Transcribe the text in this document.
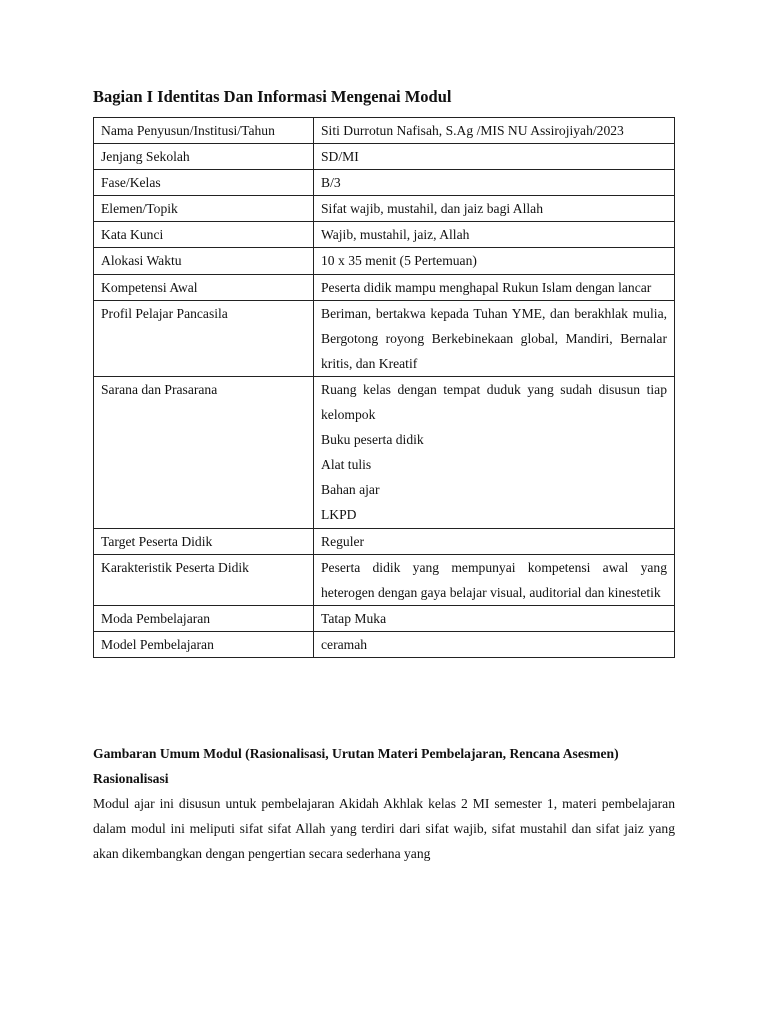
Bagian I Identitas Dan Informasi Mengenai Modul
Nama Penyusun/Institusi/Tahun	Siti Durrotun Nafisah, S.Ag /MIS NU Assirojiyah/2023

Jenjang Sekolah	SD/MI

Fase/Kelas	B/3

Elemen/Topik	Sifat wajib, mustahil, dan jaiz bagi Allah

Kata Kunci	Wajib, mustahil, jaiz, Allah

Alokasi Waktu	10 x 35 menit (5 Pertemuan)

Kompetensi Awal	Peserta didik mampu menghapal Rukun Islam dengan lancar

Profil Pelajar Pancasila	Beriman, bertakwa kepada Tuhan YME, dan berakhlak mulia, Bergotong royong Berkebinekaan global, Mandiri, Bernalar kritis, dan Kreatif

Sarana dan Prasarana	Ruang kelas dengan tempat duduk yang sudah disusun tiap kelompok
Buku peserta didik
Alat tulis
Bahan ajar
LKPD

Target Peserta Didik	Reguler

Karakteristik Peserta Didik	Peserta didik yang mempunyai kompetensi awal yang heterogen dengan gaya belajar visual, auditorial dan kinestetik

Moda Pembelajaran	Tatap Muka

Model Pembelajaran	ceramah

Gambaran Umum Modul (Rasionalisasi, Urutan Materi Pembelajaran, Rencana Asesmen)

Rasionalisasi

Modul ajar ini disusun untuk pembelajaran Akidah Akhlak kelas 2 MI semester 1, materi pembelajaran dalam modul ini meliputi sifat sifat Allah yang terdiri dari sifat wajib, sifat mustahil dan sifat jaiz yang akan dikembangkan dengan pengertian secara sederhana yang
